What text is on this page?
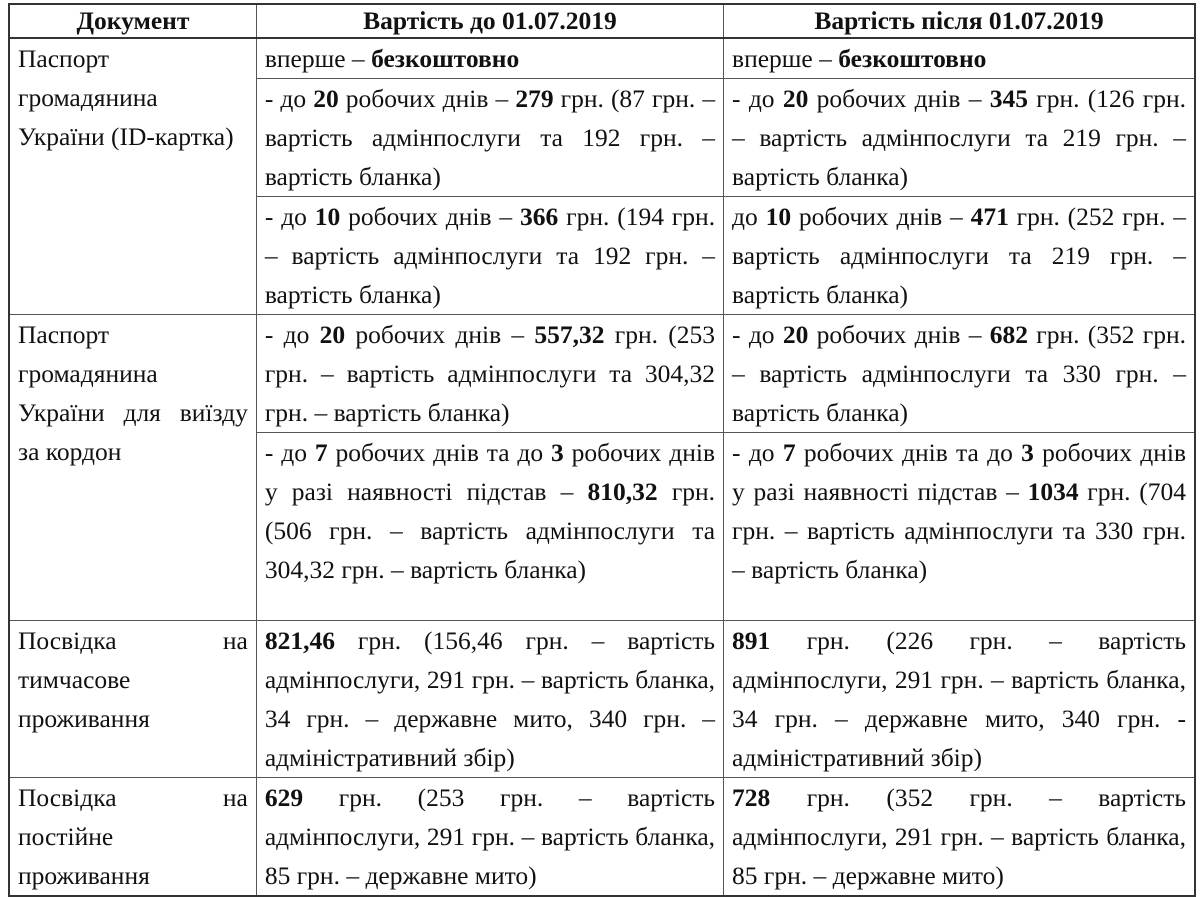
Документ	Вартість до 01.07.2019	Вартість після 01.07.2019
Паспорт громадянина України (ID-картка)	вперше – безкоштовно	вперше – безкоштовно
	- до 20 робочих днів – 279 грн. (87 грн. – вартість адмінпослуги та 192 грн. – вартість бланка)	- до 20 робочих днів – 345 грн. (126 грн. – вартість адмінпослуги та 219 грн. – вартість бланка)
	- до 10 робочих днів – 366 грн. (194 грн. – вартість адмінпослуги та 192 грн. – вартість бланка)	до 10 робочих днів – 471 грн. (252 грн. – вартість адмінпослуги та 219 грн. – вартість бланка)
Паспорт громадянина України для виїзду за кордон	- до 20 робочих днів – 557,32 грн. (253 грн. – вартість адмінпослуги та 304,32 грн. – вартість бланка)	- до 20 робочих днів – 682 грн. (352 грн. – вартість адмінпослуги та 330 грн. – вартість бланка)
	- до 7 робочих днів та до 3 робочих днів у разі наявності підстав – 810,32 грн. (506 грн. – вартість адмінпослуги та 304,32 грн. – вартість бланка)	- до 7 робочих днів та до 3 робочих днів у разі наявності підстав – 1034 грн. (704 грн. – вартість адмінпослуги та 330 грн. – вартість бланка)
Посвідка на тимчасове проживання	821,46 грн. (156,46 грн. – вартість адмінпослуги, 291 грн. – вартість бланка, 34 грн. – державне мито, 340 грн. – адміністративний збір)	891 грн. (226 грн. – вартість адмінпослуги, 291 грн. – вартість бланка, 34 грн. – державне мито, 340 грн. - адміністративний збір)
Посвідка на постійне проживання	629 грн. (253 грн. – вартість адмінпослуги, 291 грн. – вартість бланка, 85 грн. – державне мито)	728 грн. (352 грн. – вартість адмінпослуги, 291 грн. – вартість бланка, 85 грн. – державне мито)
